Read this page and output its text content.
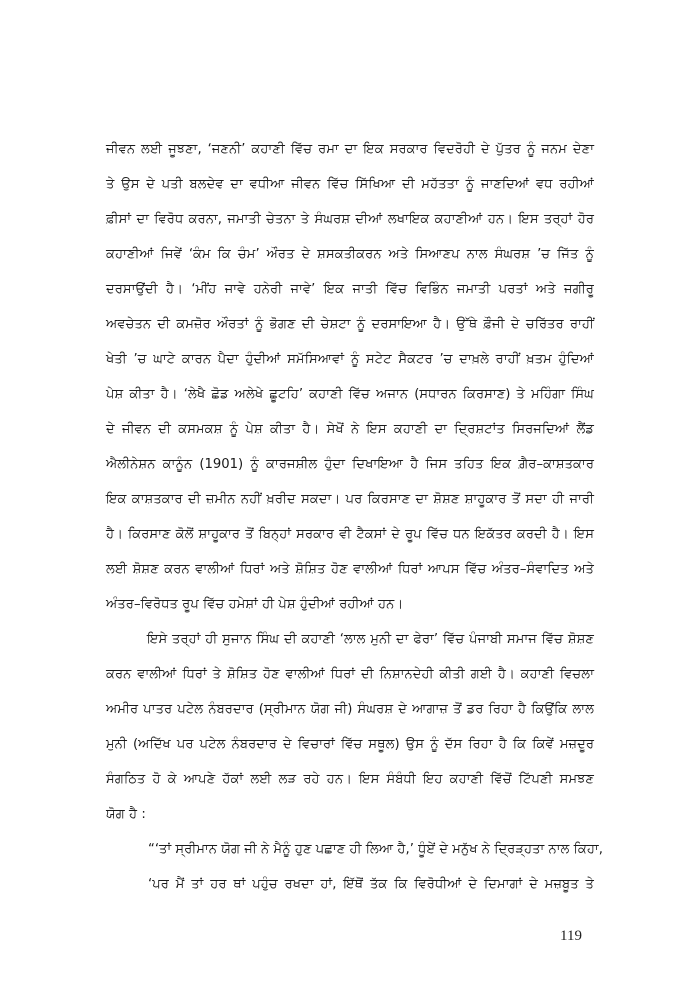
ਜੀਵਨ ਲਈ ਜੂਝਣਾ, ‘ਜਣਨੀ’ ਕਹਾਣੀ ਵਿੱਚ ਰਮਾ ਦਾ ਇਕ ਸਰਕਾਰ ਵਿਦਰੋਹੀ ਦੇ ਪੁੱਤਰ ਨੂੰ ਜਨਮ ਦੇਣਾ
ਤੇ ਉਸ ਦੇ ਪਤੀ ਬਲਦੇਵ ਦਾ ਵਧੀਆ ਜੀਵਨ ਵਿੱਚ ਸਿੱਖਿਆ ਦੀ ਮਹੱਤਤਾ ਨੂੰ ਜਾਣਦਿਆਂ ਵਧ ਰਹੀਆਂ
ਫ਼ੀਸਾਂ ਦਾ ਵਿਰੋਧ ਕਰਨਾ, ਜਮਾਤੀ ਚੇਤਨਾ ਤੇ ਸੰਘਰਸ਼ ਦੀਆਂ ਲਖਾਇਕ ਕਹਾਣੀਆਂ ਹਨ। ਇਸ ਤਰ੍ਹਾਂ ਹੋਰ
ਕਹਾਣੀਆਂ ਜਿਵੇਂ ‘ਕੰਮ ਕਿ ਚੰਮ’ ਔਰਤ ਦੇ ਸ਼ਸਕਤੀਕਰਨ ਅਤੇ ਸਿਆਣਪ ਨਾਲ ਸੰਘਰਸ਼ ’ਚ ਜਿੱਤ ਨੂੰ
ਦਰਸਾਉਂਦੀ ਹੈ। ‘ਮੀਂਹ ਜਾਵੇ ਹਨੇਰੀ ਜਾਵੇ’ ਇਕ ਜਾਤੀ ਵਿੱਚ ਵਿਭਿੰਨ ਜਮਾਤੀ ਪਰਤਾਂ ਅਤੇ ਜਗੀਰੂ
ਅਵਚੇਤਨ ਦੀ ਕਮਜ਼ੋਰ ਔਰਤਾਂ ਨੂੰ ਭੋਗਣ ਦੀ ਚੇਸ਼ਟਾ ਨੂੰ ਦਰਸਾਇਆ ਹੈ। ਉੱਥੇ ਫ਼ੌਜੀ ਦੇ ਚਰਿੱਤਰ ਰਾਹੀਂ
ਖੇਤੀ ’ਚ ਘਾਟੇ ਕਾਰਨ ਪੈਦਾ ਹੁੰਦੀਆਂ ਸਮੱਸਿਆਵਾਂ ਨੂੰ ਸਟੇਟ ਸੈਕਟਰ ’ਚ ਦਾਖ਼ਲੇ ਰਾਹੀਂ ਖ਼ਤਮ ਹੁੰਦਿਆਂ
ਪੇਸ਼ ਕੀਤਾ ਹੈ। ‘ਲੇਖੈ ਛੋਡ ਅਲੇਖੇ ਛੂਟਹਿ’ ਕਹਾਣੀ ਵਿੱਚ ਅਜਾਨ (ਸਧਾਰਨ ਕਿਰਸਾਣ) ਤੇ ਮਹਿੰਗਾ ਸਿੰਘ
ਦੇ ਜੀਵਨ ਦੀ ਕਸਮਕਸ਼ ਨੂੰ ਪੇਸ਼ ਕੀਤਾ ਹੈ। ਸੇਖੋਂ ਨੇ ਇਸ ਕਹਾਣੀ ਦਾ ਦ੍ਰਿਸ਼ਟਾਂਤ ਸਿਰਜਦਿਆਂ ਲੈਂਡ
ਐਲੀਨੇਸ਼ਨ ਕਾਨੂੰਨ (1901) ਨੂੰ ਕਾਰਜਸ਼ੀਲ ਹੁੰਦਾ ਦਿਖਾਇਆ ਹੈ ਜਿਸ ਤਹਿਤ ਇਕ ਗ਼ੈਰ–ਕਾਸ਼ਤਕਾਰ
ਇਕ ਕਾਸ਼ਤਕਾਰ ਦੀ ਜ਼ਮੀਨ ਨਹੀਂ ਖ਼ਰੀਦ ਸਕਦਾ। ਪਰ ਕਿਰਸਾਣ ਦਾ ਸ਼ੋਸ਼ਣ ਸ਼ਾਹੂਕਾਰ ਤੋਂ ਸਦਾ ਹੀ ਜਾਰੀ
ਹੈ। ਕਿਰਸਾਣ ਕੋਲੋਂ ਸ਼ਾਹੂਕਾਰ ਤੋਂ ਬਿਨ੍ਹਾਂ ਸਰਕਾਰ ਵੀ ਟੈਕਸਾਂ ਦੇ ਰੂਪ ਵਿੱਚ ਧਨ ਇਕੱਤਰ ਕਰਦੀ ਹੈ। ਇਸ
ਲਈ ਸ਼ੋਸ਼ਣ ਕਰਨ ਵਾਲੀਆਂ ਧਿਰਾਂ ਅਤੇ ਸ਼ੋਸ਼ਿਤ ਹੋਣ ਵਾਲੀਆਂ ਧਿਰਾਂ ਆਪਸ ਵਿੱਚ ਅੰਤਰ–ਸੰਵਾਦਿਤ ਅਤੇ
ਅੰਤਰ–ਵਿਰੋਧਤ ਰੂਪ ਵਿੱਚ ਹਮੇਸ਼ਾਂ ਹੀ ਪੇਸ਼ ਹੁੰਦੀਆਂ ਰਹੀਆਂ ਹਨ।
ਇਸੇ ਤਰ੍ਹਾਂ ਹੀ ਸੁਜਾਨ ਸਿੰਘ ਦੀ ਕਹਾਣੀ ‘ਲਾਲ ਮੁਨੀ ਦਾ ਫੇਰਾ’ ਵਿੱਚ ਪੰਜਾਬੀ ਸਮਾਜ ਵਿੱਚ ਸ਼ੋਸ਼ਣ
ਕਰਨ ਵਾਲੀਆਂ ਧਿਰਾਂ ਤੇ ਸ਼ੋਸ਼ਿਤ ਹੋਣ ਵਾਲੀਆਂ ਧਿਰਾਂ ਦੀ ਨਿਸ਼ਾਨਦੇਹੀ ਕੀਤੀ ਗਈ ਹੈ। ਕਹਾਣੀ ਵਿਚਲਾ
ਅਮੀਰ ਪਾਤਰ ਪਟੇਲ ਨੰਬਰਦਾਰ (ਸ੍ਰੀਮਾਨ ਯੋਗ ਜੀ) ਸੰਘਰਸ਼ ਦੇ ਆਗਾਜ਼ ਤੋਂ ਡਰ ਰਿਹਾ ਹੈ ਕਿਉਂਕਿ ਲਾਲ
ਮੁਨੀ (ਅਦਿੱਖ ਪਰ ਪਟੇਲ ਨੰਬਰਦਾਰ ਦੇ ਵਿਚਾਰਾਂ ਵਿੱਚ ਸਥੂਲ) ਉਸ ਨੂੰ ਦੱਸ ਰਿਹਾ ਹੈ ਕਿ ਕਿਵੇਂ ਮਜ਼ਦੂਰ
ਸੰਗਠਿਤ ਹੋ ਕੇ ਆਪਣੇ ਹੱਕਾਂ ਲਈ ਲੜ ਰਹੇ ਹਨ। ਇਸ ਸੰਬੰਧੀ ਇਹ ਕਹਾਣੀ ਵਿੱਚੋਂ ਟਿੱਪਣੀ ਸਮਝਣ
ਯੋਗ ਹੈ :
“‘ਤਾਂ ਸ੍ਰੀਮਾਨ ਯੋਗ ਜੀ ਨੇ ਮੈਨੂੰ ਹੁਣ ਪਛਾਣ ਹੀ ਲਿਆ ਹੈ,’ ਧੂੰਏਂ ਦੇ ਮਨੁੱਖ ਨੇ ਦ੍ਰਿੜ੍ਹਤਾ ਨਾਲ ਕਿਹਾ,
‘ਪਰ ਮੈਂ ਤਾਂ ਹਰ ਥਾਂ ਪਹੁੰਚ ਰਖਦਾ ਹਾਂ, ਇੱਥੋਂ ਤੱਕ ਕਿ ਵਿਰੋਧੀਆਂ ਦੇ ਦਿਮਾਗਾਂ ਦੇ ਮਜ਼ਬੂਤ ਤੇ
119
